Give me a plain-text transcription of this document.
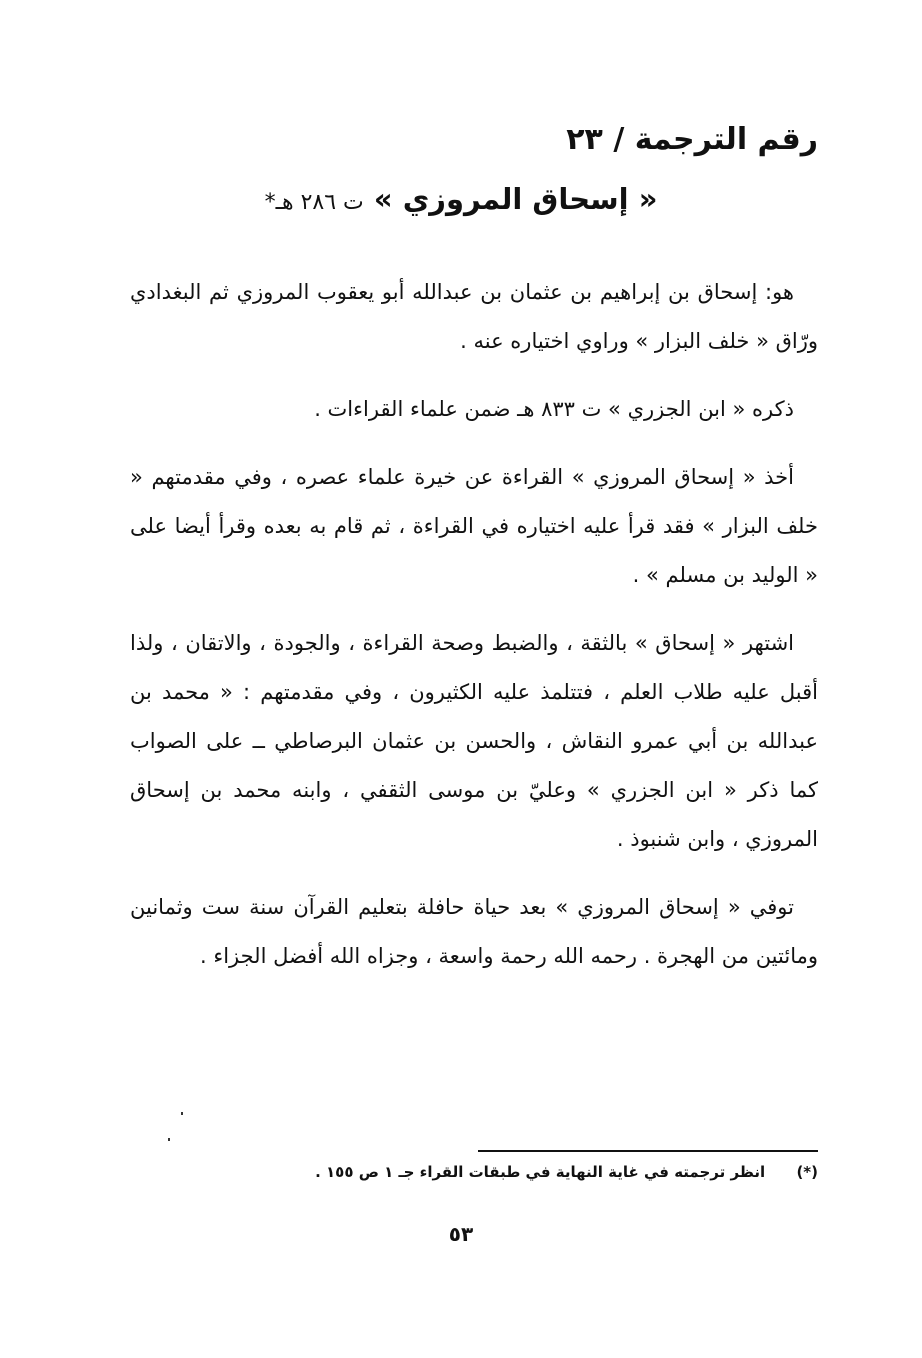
رقم الترجمة / ٢٣
« إسحاق المروزي » ت ٢٨٦ هـ*

هو: إسحاق بن إبراهيم بن عثمان بن عبدالله أبو يعقوب المروزي ثم البغدادي ورّاق « خلف البزار » وراوي اختياره عنه .

ذكره « ابن الجزري » ت ٨٣٣ هـ ضمن علماء القراءات .

أخذ « إسحاق المروزي » القراءة عن خيرة علماء عصره ، وفي مقدمتهم « خلف البزار » فقد قرأ عليه اختياره في القراءة ، ثم قام به بعده وقرأ أيضا على « الوليد بن مسلم » .

اشتهر « إسحاق » بالثقة ، والضبط وصحة القراءة ، والجودة ، والاتقان ، ولذا أقبل عليه طلاب العلم ، فتتلمذ عليه الكثيرون ، وفي مقدمتهم : « محمد بن عبدالله بن أبي عمرو النقاش ، والحسن بن عثمان البرصاطي ــ على الصواب كما ذكر « ابن الجزري » وعليّ بن موسى الثقفي ، وابنه محمد بن إسحاق المروزي ، وابن شنبوذ .

توفي « إسحاق المروزي » بعد حياة حافلة بتعليم القرآن سنة ست وثمانين ومائتين من الهجرة . رحمه الله رحمة واسعة ، وجزاه الله أفضل الجزاء .

(*) انظر ترجمته في غاية النهاية في طبقات القراء جـ ١ ص ١٥٥ .
٥٣
